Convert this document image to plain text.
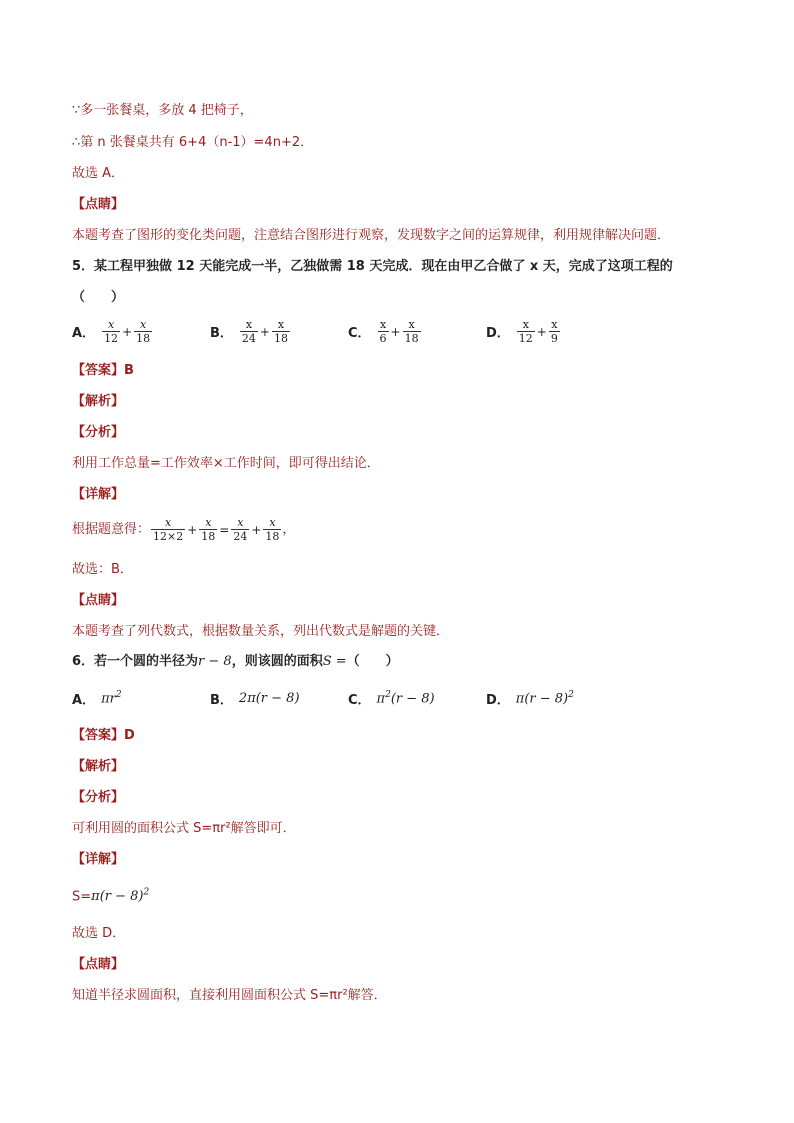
∵多一张餐桌，多放 4 把椅子，
∴第 n 张餐桌共有 6+4（n-1）=4n+2．
故选 A．
【点睛】
本题考查了图形的变化类问题，注意结合图形进行观察，发现数字之间的运算规律，利用规律解决问题．
5．某工程甲独做 12 天能完成一半，乙独做需 18 天完成．现在由甲乙合做了 x 天，完成了这项工程的
（　　）
A． $\frac{x}{12} + \frac{x}{18}$	B． $\frac{x}{24} + \frac{x}{18}$	C． $\frac{x}{6} + \frac{x}{18}$	D． $\frac{x}{12} + \frac{x}{9}$
【答案】B
【解析】
【分析】
利用工作总量=工作效率×工作时间，即可得出结论．
【详解】
根据题意得： $\frac{x}{12\times 2} + \frac{x}{18} = \frac{x}{24} + \frac{x}{18}$ ，
故选：B．
【点睛】
本题考查了列代数式，根据数量关系，列出代数式是解题的关键．
6．若一个圆的半径为r − 8，则该圆的面积S =（　　）
A． $\pi r^2$	B． 2π(r − 8)	C． $\pi^2(r - 8)$	D． $\pi(r - 8)^2$
【答案】D
【解析】
【分析】
可利用圆的面积公式 S=πr²解答即可．
【详解】
$S=\pi(r - 8)^2$
故选 D．
【点睛】
知道半径求圆面积，直接利用圆面积公式 S=πr²解答．
